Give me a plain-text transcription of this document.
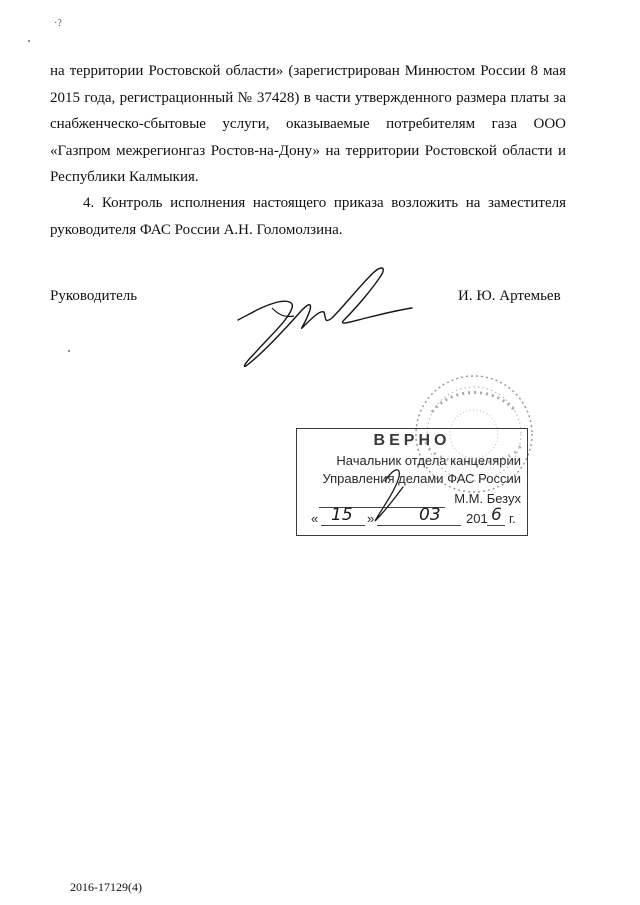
·?

на территории Ростовской области» (зарегистрирован Минюстом России 8 мая 2015 года, регистрационный № 37428) в части утвержденного размера платы за снабженческо-сбытовые услуги, оказываемые потребителям газа ООО «Газпром межрегионгаз Ростов-на-Дону» на территории Ростовской области и Республики Калмыкия.

4. Контроль исполнения настоящего приказа возложить на заместителя руководителя ФАС России А.Н. Голомолзина.

Руководитель	И. Ю. Артемьев
ВЕРНО
Начальник отдела канцелярии
Управления делами ФАС России
М.М. Безух
« 15 »	03 201 6 г.
2016-17129(4)
